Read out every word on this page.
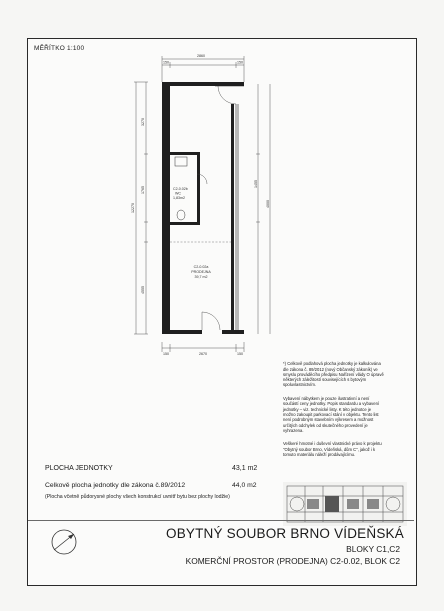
MĚŘÍTKO 1:100
2860
150	150
3270
1765
12270
4555
1455
4000
150	2670	150
C2-0.02b WC 1,83m2
C2-0.02a
PRODEJNA
39,7 m2

*) Celkově podlahová plocha jednotky je kalkulována
dle zákona č. 89/2012 (nový Občanský zákoník) ve
smyslu prováděcího předpisu Nařízení vlády O úpravě
některých záležitostí souvisejících s bytovým
spoluvlastnictvím.

Vybavení nábytkem je pouze ilustrativní a není
součástí ceny jednotky. Popis standardu a vybavení
jednotky – viz. technické listy. K této jednotce je
možno zakoupit parkovací stání v objektu. Tento list
není podrobným stavebním výkresem a možnost
určitých odchylek od skutečného provedení je
vyhrazena.

Veškeré hmotné i duševní vlastnické právo k projektu
"Obytný soubor Brno, Vídeňská, dům C", jakož i k
tomuto materiálu náleží prodávajícímu.

PLOCHA JEDNOTKY	43,1 m2
Celkově plocha jednotky dle zákona č.89/2012	44,0 m2
(Plocha včetně půdorysné plochy všech konstrukcí uvnitř bytu bez plochy lodžie)
OBYTNÝ SOUBOR BRNO VÍDEŇSKÁ
BLOKY C1,C2
KOMERČNÍ PROSTOR (PRODEJNA) C2-0.02, BLOK C2
